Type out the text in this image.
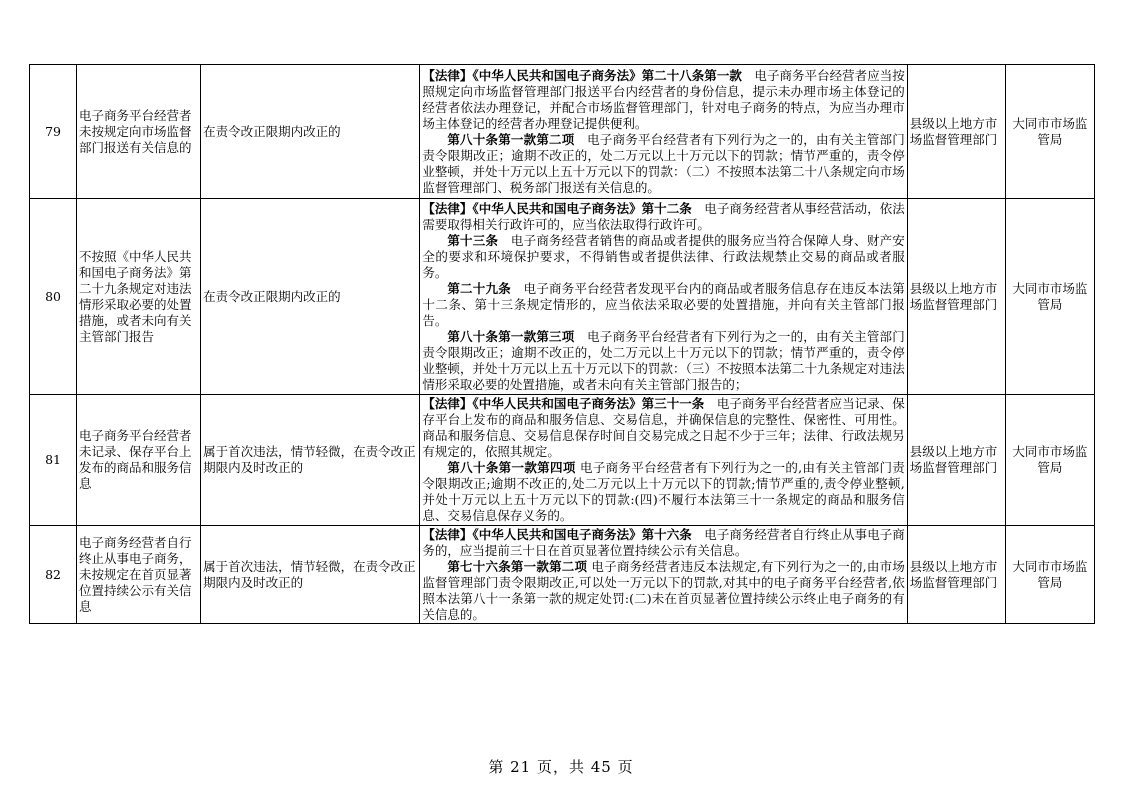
79	电子商务平台经营者未按规定向市场监督部门报送有关信息的	在责令改正限期内改正的	【法律】《中华人民共和国电子商务法》第二十八条第一款　电子商务平台经营者应当按照规定向市场监督管理部门报送平台内经营者的身份信息，提示未办理市场主体登记的经营者依法办理登记，并配合市场监督管理部门，针对电子商务的特点，为应当办理市场主体登记的经营者办理登记提供便利。

第八十条第一款第二项　电子商务平台经营者有下列行为之一的，由有关主管部门责令限期改正；逾期不改正的，处二万元以上十万元以下的罚款；情节严重的，责令停业整顿，并处十万元以上五十万元以下的罚款：（二）不按照本法第二十八条规定向市场监督管理部门、税务部门报送有关信息的。	县级以上地方市场监督管理部门	大同市市场监管局
80	不按照《中华人民共和国电子商务法》第二十九条规定对违法情形采取必要的处置措施，或者未向有关主管部门报告	在责令改正限期内改正的	【法律】《中华人民共和国电子商务法》第十二条　电子商务经营者从事经营活动，依法需要取得相关行政许可的，应当依法取得行政许可。

第十三条　电子商务经营者销售的商品或者提供的服务应当符合保障人身、财产安全的要求和环境保护要求，不得销售或者提供法律、行政法规禁止交易的商品或者服务。

第二十九条　电子商务平台经营者发现平台内的商品或者服务信息存在违反本法第十二条、第十三条规定情形的，应当依法采取必要的处置措施，并向有关主管部门报告。

第八十条第一款第三项　电子商务平台经营者有下列行为之一的，由有关主管部门责令限期改正；逾期不改正的，处二万元以上十万元以下的罚款；情节严重的，责令停业整顿，并处十万元以上五十万元以下的罚款：（三）不按照本法第二十九条规定对违法情形采取必要的处置措施，或者未向有关主管部门报告的；	县级以上地方市场监督管理部门	大同市市场监管局
81	电子商务平台经营者未记录、保存平台上发布的商品和服务信息	属于首次违法，情节轻微，在责令改正期限内及时改正的	【法律】《中华人民共和国电子商务法》第三十一条　电子商务平台经营者应当记录、保存平台上发布的商品和服务信息、交易信息，并确保信息的完整性、保密性、可用性。商品和服务信息、交易信息保存时间自交易完成之日起不少于三年；法律、行政法规另有规定的，依照其规定。

第八十条第一款第四项 电子商务平台经营者有下列行为之一的,由有关主管部门责令限期改正;逾期不改正的,处二万元以上十万元以下的罚款;情节严重的,责令停业整顿,并处十万元以上五十万元以下的罚款:(四)不履行本法第三十一条规定的商品和服务信息、交易信息保存义务的。	县级以上地方市场监督管理部门	大同市市场监管局
82	电子商务经营者自行终止从事电子商务，未按规定在首页显著位置持续公示有关信息	属于首次违法，情节轻微，在责令改正期限内及时改正的	【法律】《中华人民共和国电子商务法》第十六条　电子商务经营者自行终止从事电子商务的，应当提前三十日在首页显著位置持续公示有关信息。

第七十六条第一款第二项 电子商务经营者违反本法规定,有下列行为之一的,由市场监督管理部门责令限期改正,可以处一万元以下的罚款,对其中的电子商务平台经营者,依照本法第八十一条第一款的规定处罚:(二)未在首页显著位置持续公示终止电子商务的有关信息的。	县级以上地方市场监督管理部门	大同市市场监管局
第 21 页，共 45 页
